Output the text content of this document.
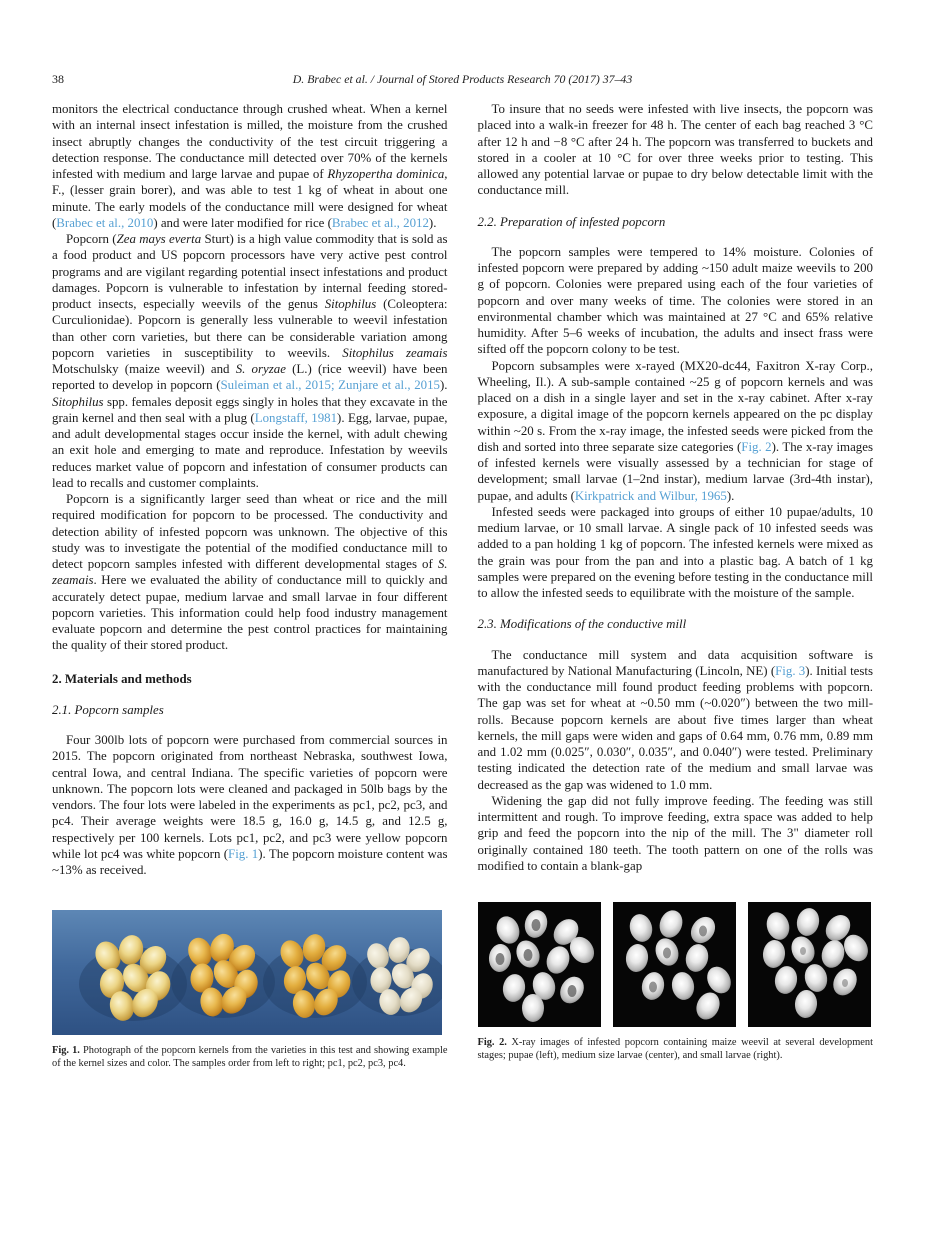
38	D. Brabec et al. / Journal of Stored Products Research 70 (2017) 37–43

monitors the electrical conductance through crushed wheat. When a kernel with an internal insect infestation is milled, the moisture from the crushed insect abruptly changes the conductivity of the test circuit triggering a detection response. The conductance mill detected over 70% of the kernels infested with medium and large larvae and pupae of Rhyzopertha dominica, F., (lesser grain borer), and was able to test 1 kg of wheat in about one minute. The early models of the conductance mill were designed for wheat (Brabec et al., 2010) and were later modified for rice (Brabec et al., 2012).

Popcorn (Zea mays everta Sturt) is a high value commodity that is sold as a food product and US popcorn processors have very active pest control programs and are vigilant regarding potential insect infestations and product damages. Popcorn is vulnerable to infestation by internal feeding stored-product insects, especially weevils of the genus Sitophilus (Coleoptera: Curculionidae). Popcorn is generally less vulnerable to weevil infestation than other corn varieties, but there can be considerable variation among popcorn varieties in susceptibility to weevils. Sitophilus zeamais Motschulsky (maize weevil) and S. oryzae (L.) (rice weevil) have been reported to develop in popcorn (Suleiman et al., 2015; Zunjare et al., 2015). Sitophilus spp. females deposit eggs singly in holes that they excavate in the grain kernel and then seal with a plug (Longstaff, 1981). Egg, larvae, pupae, and adult developmental stages occur inside the kernel, with adult chewing an exit hole and emerging to mate and reproduce. Infestation by weevils reduces market value of popcorn and infestation of consumer products can lead to recalls and customer complaints.

Popcorn is a significantly larger seed than wheat or rice and the mill required modification for popcorn to be processed. The conductivity and detection ability of infested popcorn was unknown. The objective of this study was to investigate the potential of the modified conductance mill to detect popcorn samples infested with different developmental stages of S. zeamais. Here we evaluated the ability of conductance mill to quickly and accurately detect pupae, medium larvae and small larvae in four different popcorn varieties. This information could help food industry management evaluate popcorn and determine the pest control practices for maintaining the quality of their stored product.

2. Materials and methods
2.1. Popcorn samples

Four 300lb lots of popcorn were purchased from commercial sources in 2015. The popcorn originated from northeast Nebraska, southwest Iowa, central Iowa, and central Indiana. The specific varieties of popcorn were unknown. The popcorn lots were cleaned and packaged in 50lb bags by the vendors. The four lots were labeled in the experiments as pc1, pc2, pc3, and pc4. Their average weights were 18.5 g, 16.0 g, 14.5 g, and 12.5 g, respectively per 100 kernels. Lots pc1, pc2, and pc3 were yellow popcorn while lot pc4 was white popcorn (Fig. 1). The popcorn moisture content was ~13% as received.

Fig. 1. Photograph of the popcorn kernels from the varieties in this test and showing example of the kernel sizes and color. The samples order from left to right; pc1, pc2, pc3, pc4.

To insure that no seeds were infested with live insects, the popcorn was placed into a walk-in freezer for 48 h. The center of each bag reached 3 °C after 12 h and −8 °C after 24 h. The popcorn was transferred to buckets and stored in a cooler at 10 °C for over three weeks prior to testing. This allowed any potential larvae or pupae to dry below detectable limit with the conductance mill.

2.2. Preparation of infested popcorn

The popcorn samples were tempered to 14% moisture. Colonies of infested popcorn were prepared by adding ~150 adult maize weevils to 200 g of popcorn. Colonies were prepared using each of the four varieties of popcorn and over many weeks of time. The colonies were stored in an environmental chamber which was maintained at 27 °C and 65% relative humidity. After 5–6 weeks of incubation, the adults and insect frass were sifted off the popcorn colony to be test.

Popcorn subsamples were x-rayed (MX20-dc44, Faxitron X-ray Corp., Wheeling, Il.). A sub-sample contained ~25 g of popcorn kernels and was placed on a dish in a single layer and set in the x-ray cabinet. After x-ray exposure, a digital image of the popcorn kernels appeared on the pc display within ~20 s. From the x-ray image, the infested seeds were picked from the dish and sorted into three separate size categories (Fig. 2). The x-ray images of infested kernels were visually assessed by a technician for stage of development; small larvae (1–2nd instar), medium larvae (3rd-4th instar), pupae, and adults (Kirkpatrick and Wilbur, 1965).

Infested seeds were packaged into groups of either 10 pupae/adults, 10 medium larvae, or 10 small larvae. A single pack of 10 infested seeds was added to a pan holding 1 kg of popcorn. The infested kernels were mixed as the grain was pour from the pan and into a plastic bag. A batch of 1 kg samples were prepared on the evening before testing in the conductance mill to allow the infested seeds to equilibrate with the moisture of the sample.

2.3. Modifications of the conductive mill

The conductance mill system and data acquisition software is manufactured by National Manufacturing (Lincoln, NE) (Fig. 3). Initial tests with the conductance mill found product feeding problems with popcorn. The gap was set for wheat at ~0.50 mm (~0.020″) between the two mill-rolls. Because popcorn kernels are about five times larger than wheat kernels, the mill gaps were widen and gaps of 0.64 mm, 0.76 mm, 0.89 mm and 1.02 mm (0.025″, 0.030″, 0.035″, and 0.040″) were tested. Preliminary testing indicated the detection rate of the medium and small larvae was decreased as the gap was widened to 1.0 mm.

Widening the gap did not fully improve feeding. The feeding was still intermittent and rough. To improve feeding, extra space was added to help grip and feed the popcorn into the nip of the mill. The 3" diameter roll originally contained 180 teeth. The tooth pattern on one of the rolls was modified to contain a blank-gap

Fig. 2. X-ray images of infested popcorn containing maize weevil at several development stages; pupae (left), medium size larvae (center), and small larvae (right).
